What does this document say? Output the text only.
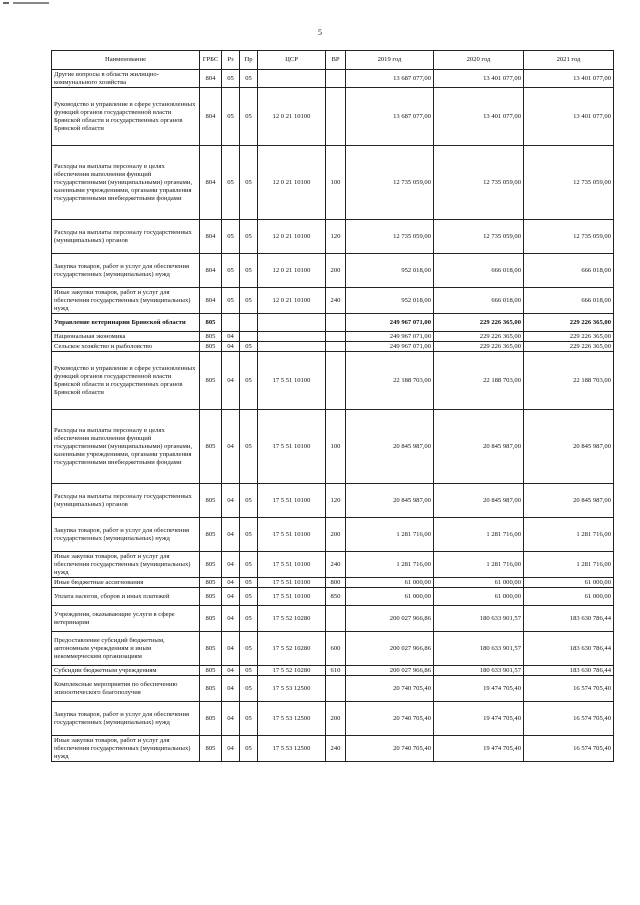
5
Наименование	ГРБС	Рз	Пр	ЦСР	ВР	2019 год	2020 год	2021 год
Другие вопросы в области жилищно-коммунального хозяйства	804	05	05			13 687 077,00	13 401 077,00	13 401 077,00
Руководство и управление в сфере установленных функций органов государственной власти Брянской области и государственных органов Брянской области	804	05	05	12 0 21 10100		13 687 077,00	13 401 077,00	13 401 077,00
Расходы на выплаты персоналу в целях обеспечения выполнения функций государственными (муниципальными) органами, казенными учреждениями, органами управления государственными внебюджетными фондами	804	05	05	12 0 21 10100	100	12 735 059,00	12 735 059,00	12 735 059,00
Расходы на выплаты персоналу государственных (муниципальных) органов	804	05	05	12 0 21 10100	120	12 735 059,00	12 735 059,00	12 735 059,00
Закупка товаров, работ и услуг для обеспечения государственных (муниципальных) нужд	804	05	05	12 0 21 10100	200	952 018,00	666 018,00	666 018,00
Иные закупки товаров, работ и услуг для обеспечения государственных (муниципальных) нужд	804	05	05	12 0 21 10100	240	952 018,00	666 018,00	666 018,00
Управление ветеринарии Брянской области	805					249 967 071,00	229 226 365,00	229 226 365,00
Национальная экономика	805	04				249 967 071,00	229 226 365,00	229 226 365,00
Сельское хозяйство и рыболовство	805	04	05			249 967 071,00	229 226 365,00	229 226 365,00
Руководство и управление в сфере установленных функций органов государственной власти Брянской области и государственных органов Брянской области	805	04	05	17 5 51 10100		22 188 703,00	22 188 703,00	22 188 703,00
Расходы на выплаты персоналу в целях обеспечения выполнения функций государственными (муниципальными) органами, казенными учреждениями, органами управления государственными внебюджетными фондами	805	04	05	17 5 51 10100	100	20 845 987,00	20 845 987,00	20 845 987,00
Расходы на выплаты персоналу государственных (муниципальных) органов	805	04	05	17 5 51 10100	120	20 845 987,00	20 845 987,00	20 845 987,00
Закупка товаров, работ и услуг для обеспечения государственных (муниципальных) нужд	805	04	05	17 5 51 10100	200	1 281 716,00	1 281 716,00	1 281 716,00
Иные закупки товаров, работ и услуг для обеспечения государственных (муниципальных) нужд	805	04	05	17 5 51 10100	240	1 281 716,00	1 281 716,00	1 281 716,00
Иные бюджетные ассигнования	805	04	05	17 5 51 10100	800	61 000,00	61 000,00	61 000,00
Уплата налогов, сборов и иных платежей	805	04	05	17 5 51 10100	850	61 000,00	61 000,00	61 000,00
Учреждения, оказывающие услуги в сфере ветеринарии	805	04	05	17 5 52 10280		200 027 966,86	180 633 901,57	183 630 786,44
Предоставление субсидий бюджетным, автономным учреждениям и иным некоммерческим организациям	805	04	05	17 5 52 10280	600	200 027 966,86	180 633 901,57	183 630 786,44
Субсидии бюджетным учреждениям	805	04	05	17 5 52 10280	610	200 027 966,86	180 633 901,57	183 630 786,44
Комплексные мероприятия по обеспечению эпизоотического благополучия	805	04	05	17 5 53 12500		20 740 705,40	19 474 705,40	16 574 705,40
Закупка товаров, работ и услуг для обеспечения государственных (муниципальных) нужд	805	04	05	17 5 53 12500	200	20 740 705,40	19 474 705,40	16 574 705,40
Иные закупки товаров, работ и услуг для обеспечения государственных (муниципальных) нужд	805	04	05	17 5 53 12500	240	20 740 705,40	19 474 705,40	16 574 705,40
